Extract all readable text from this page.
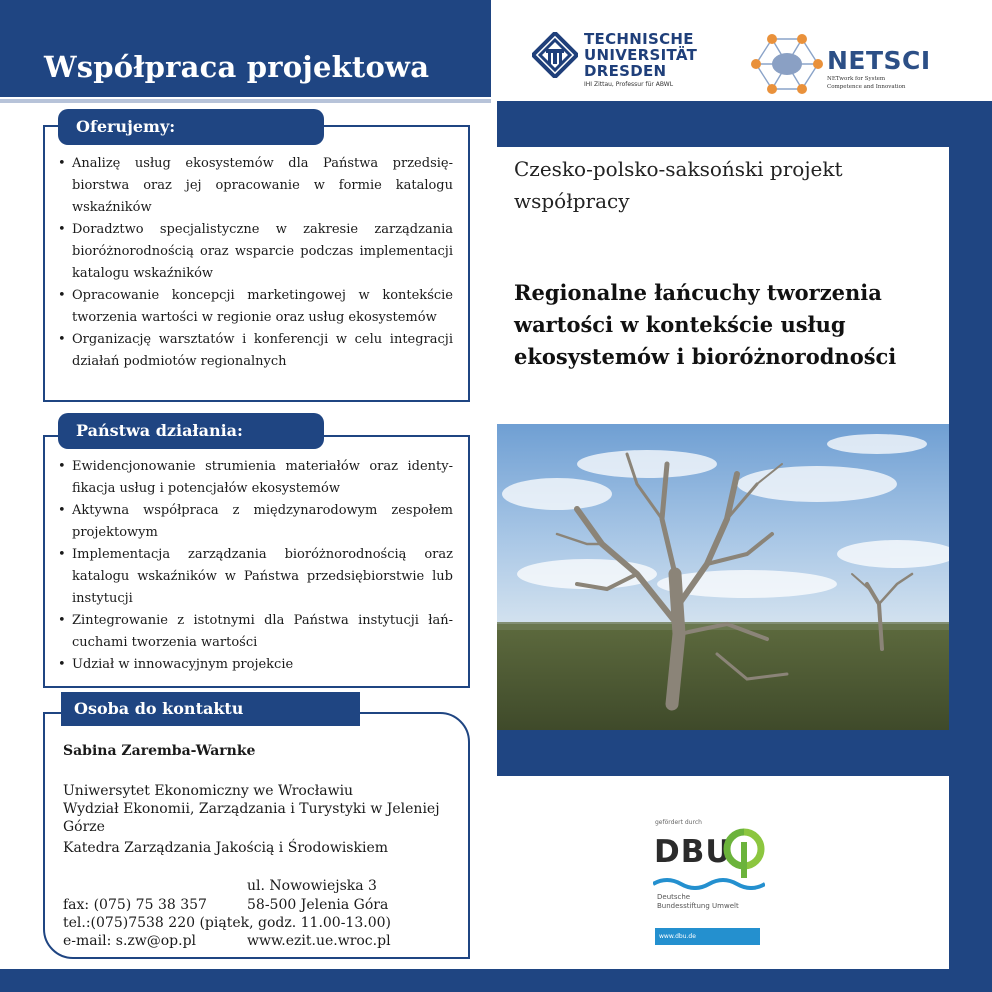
Współpraca projektowa
TECHNISCHE
UNIVERSITÄT
DRESDEN
IHI Zittau, Professur für ABWL
NETSCI
NETwork for System
Competence and Innovation

Czesko-polsko-saksoński projekt współpracy

Regionalne łańcuchy tworzenia wartości w kontekście usług ekosystemów i bioróżnorodności
gefördert durch
DBU
Deutsche
Bundesstiftung Umwelt
www.dbu.de
• Analizę usług ekosystemów dla Państwa przedsiębiorstwa oraz jej opracowanie w formie katalogu wskaźników
• Doradztwo specjalistyczne w zakresie zarządzania bioróżnorodnością oraz wsparcie podczas implementacji katalogu wskaźników
• Opracowanie koncepcji marketingowej w kontekście tworzenia wartości w regionie oraz usług ekosystemów
• Organizację warsztatów i konferencji w celu integracji działań podmiotów regionalnych
Oferujemy:
• Ewidencjonowanie strumienia materiałów oraz identyfikacja usług i potencjałów ekosystemów
• Aktywna współpraca z międzynarodowym zespołem projektowym
• Implementacja zarządzania bioróżnorodnością oraz katalogu wskaźników w Państwa przedsiębiorstwie lub instytucji
• Zintegrowanie z istotnymi dla Państwa instytucji łańcuchami tworzenia wartości
• Udział w innowacyjnym projekcie
Państwa działania:
Sabina Zaremba-Warnke
Uniwersytet Ekonomiczny we Wrocławiu
Wydział Ekonomii, Zarządzania i Turystyki w Jeleniej
Górze
Katedra Zarządzania Jakością i Środowiskiem
ul. Nowowiejska 3
fax: (075) 75 38 357	58-500 Jelenia Góra
tel.:(075)7538 220 (piątek, godz. 11.00-13.00)
e-mail: s.zw@op.pl	www.ezit.ue.wroc.pl
Osoba do kontaktu
